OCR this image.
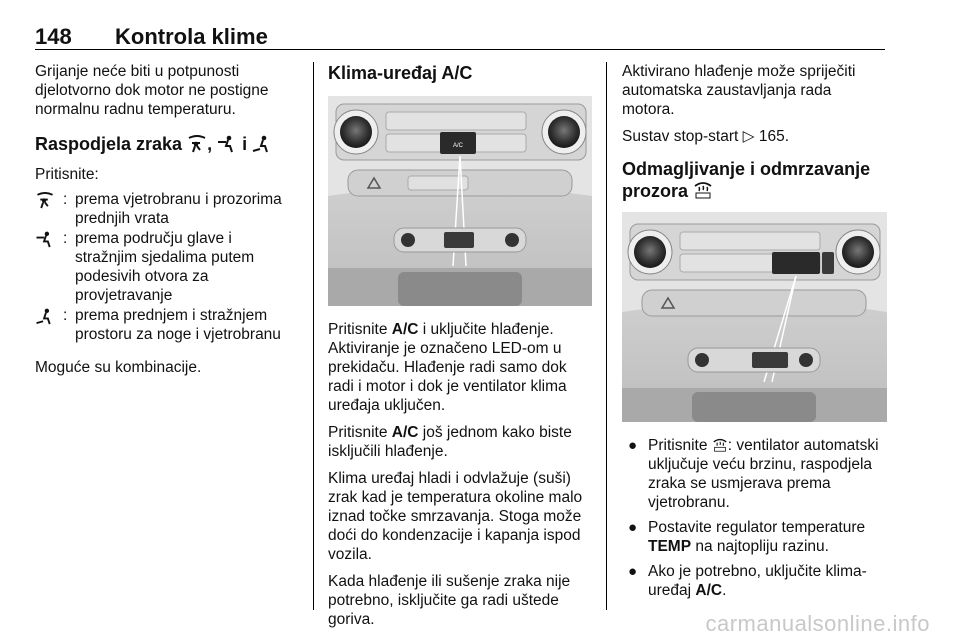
148 Kontrola klime

Grijanje neće biti u potpunosti djelotvorno dok motor ne postigne normalnu radnu temperaturu.

Raspodjela zraka , i

Pritisnite:

: prema vjetrobranu i prozorima prednjih vrata
: prema području glave i stražnjim sjedalima putem podesivih otvora za provjetravanje
: prema prednjem i stražnjem prostoru za noge i vjetrobranu

Moguće su kombinacije.

Klima-uređaj A/C
A/C

Pritisnite A/C i uključite hlađenje. Aktiviranje je označeno LED-om u prekidaču. Hlađenje radi samo dok radi i motor i dok je ventilator klima uređaja uključen.

Pritisnite A/C još jednom kako biste isključili hlađenje.

Klima uređaj hladi i odvlažuje (suši) zrak kad je temperatura okoline malo iznad točke smrzavanja. Stoga može doći do kondenzacije i kapanja ispod vozila.

Kada hlađenje ili sušenje zraka nije potrebno, isključite ga radi uštede goriva.

Aktivirano hlađenje može spriječiti automatska zaustavljanja rada motora.

Sustav stop-start ▷ 165.

Odmagljivanje i odmrzavanje prozora
● Pritisnite : ventilator automatski uključuje veću brzinu, raspodjela zraka se usmjerava prema vjetrobranu.
● Postavite regulator temperature TEMP na najtopliju razinu.
● Ako je potrebno, uključite klima-uređaj A/C.
carmanualsonline.info
